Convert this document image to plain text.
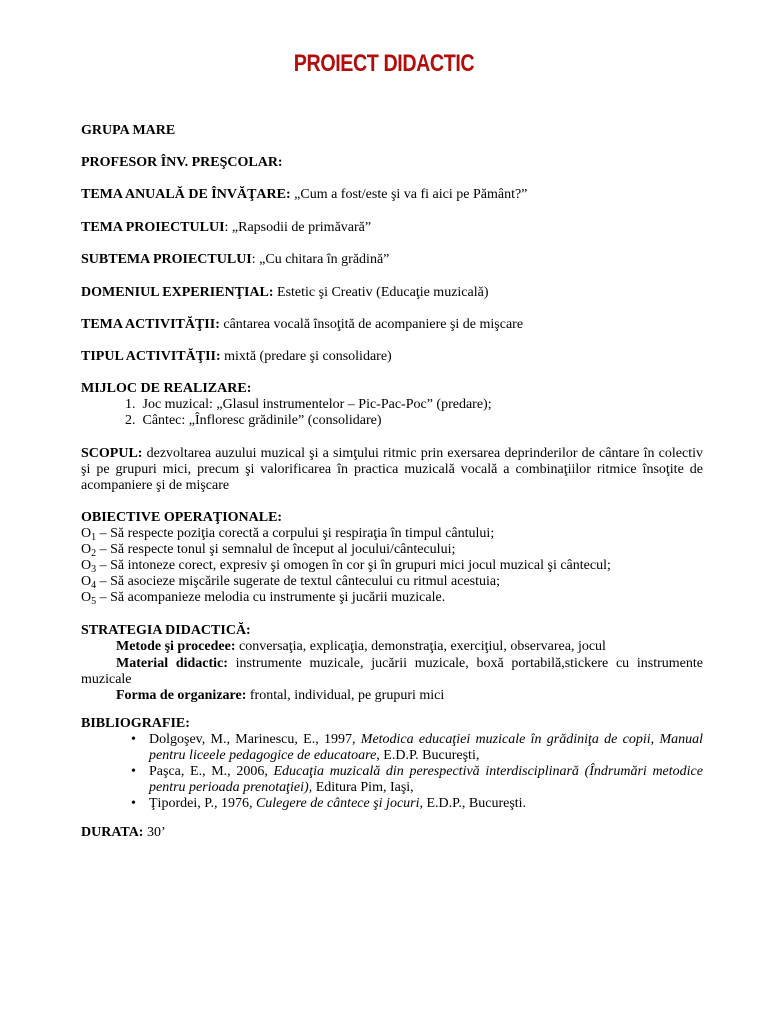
PROIECT DIDACTIC
GRUPA MARE
PROFESOR ÎNV. PREŞCOLAR:
TEMA ANUALĂ DE ÎNVĂŢARE: „Cum a fost/este şi va fi aici pe Pământ?”
TEMA PROIECTULUI: „Rapsodii de primăvară”
SUBTEMA PROIECTULUI: „Cu chitara în grădină”
DOMENIUL EXPERIENŢIAL: Estetic şi Creativ (Educaţie muzicală)
TEMA ACTIVITĂŢII: cântarea vocală însoţită de acompaniere şi de mişcare
TIPUL ACTIVITĂŢII: mixtă (predare şi consolidare)
MIJLOC DE REALIZARE:
1. Joc muzical: „Glasul instrumentelor – Pic-Pac-Poc” (predare);
2. Cântec: „Înfloresc grădinile” (consolidare)
SCOPUL: dezvoltarea auzului muzical şi a simţului ritmic prin exersarea deprinderilor de cântare în colectiv şi pe grupuri mici, precum şi valorificarea în practica muzicală vocală a combinaţiilor ritmice însoţite de acompaniere şi de mişcare
OBIECTIVE OPERAŢIONALE:
$O_1$ – Să respecte poziţia corectă a corpului şi respiraţia în timpul cântului;
$O_2$ – Să respecte tonul şi semnalul de început al jocului/cântecului;
$O_3$ – Să intoneze corect, expresiv şi omogen în cor şi în grupuri mici jocul muzical şi cântecul;
$O_4$ – Să asocieze mişcările sugerate de textul cântecului cu ritmul acestuia;
$O_5$ – Să acompanieze melodia cu instrumente şi jucării muzicale.
STRATEGIA DIDACTICĂ:
Metode şi procedee: conversaţia, explicaţia, demonstraţia, exerciţiul, observarea, jocul
Material didactic: instrumente muzicale, jucării muzicale, boxă portabilă,stickere cu instrumente muzicale
Forma de organizare: frontal, individual, pe grupuri mici
BIBLIOGRAFIE:
• Dolgoşev, M., Marinescu, E., 1997, Metodica educaţiei muzicale în grădiniţa de copii, Manual pentru liceele pedagogice de educatoare, E.D.P. Bucureşti,
• Paşca, E., M., 2006, Educaţia muzicală din perespectivă interdisciplinară (Îndrumări metodice pentru perioada prenotaţiei), Editura Pim, Iaşi,
• Ţipordei, P., 1976, Culegere de cântece şi jocuri, E.D.P., Bucureşti.
DURATA: 30’
